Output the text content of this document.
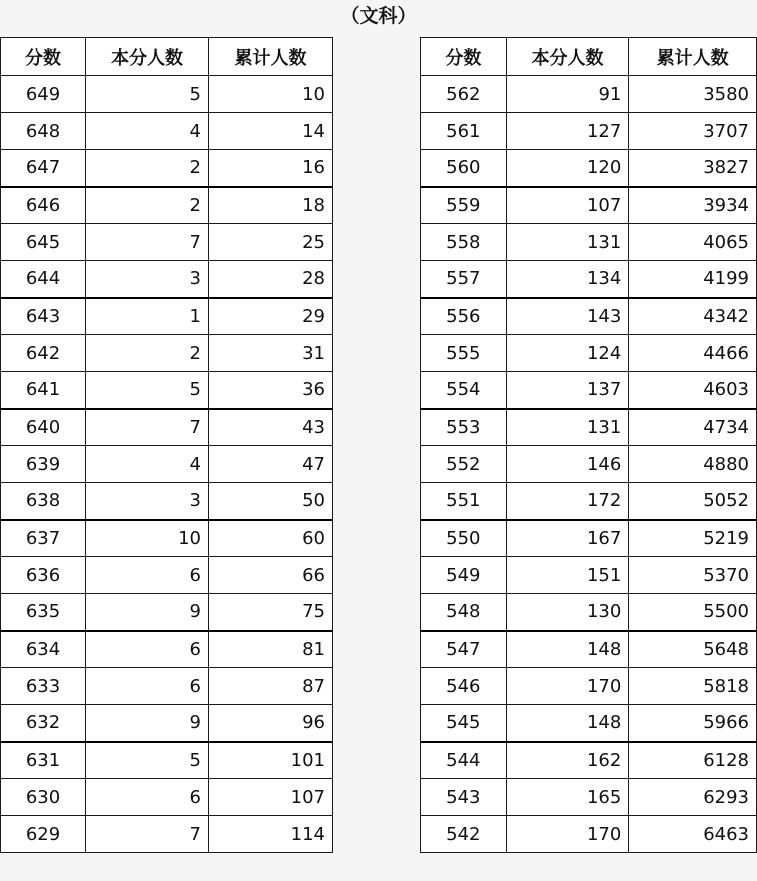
（文科）
分数	本分人数	累计人数
649	5	10
648	4	14
647	2	16
646	2	18
645	7	25
644	3	28
643	1	29
642	2	31
641	5	36
640	7	43
639	4	47
638	3	50
637	10	60
636	6	66
635	9	75
634	6	81
633	6	87
632	9	96
631	5	101
630	6	107
629	7	114
分数	本分人数	累计人数
562	91	3580
561	127	3707
560	120	3827
559	107	3934
558	131	4065
557	134	4199
556	143	4342
555	124	4466
554	137	4603
553	131	4734
552	146	4880
551	172	5052
550	167	5219
549	151	5370
548	130	5500
547	148	5648
546	170	5818
545	148	5966
544	162	6128
543	165	6293
542	170	6463
